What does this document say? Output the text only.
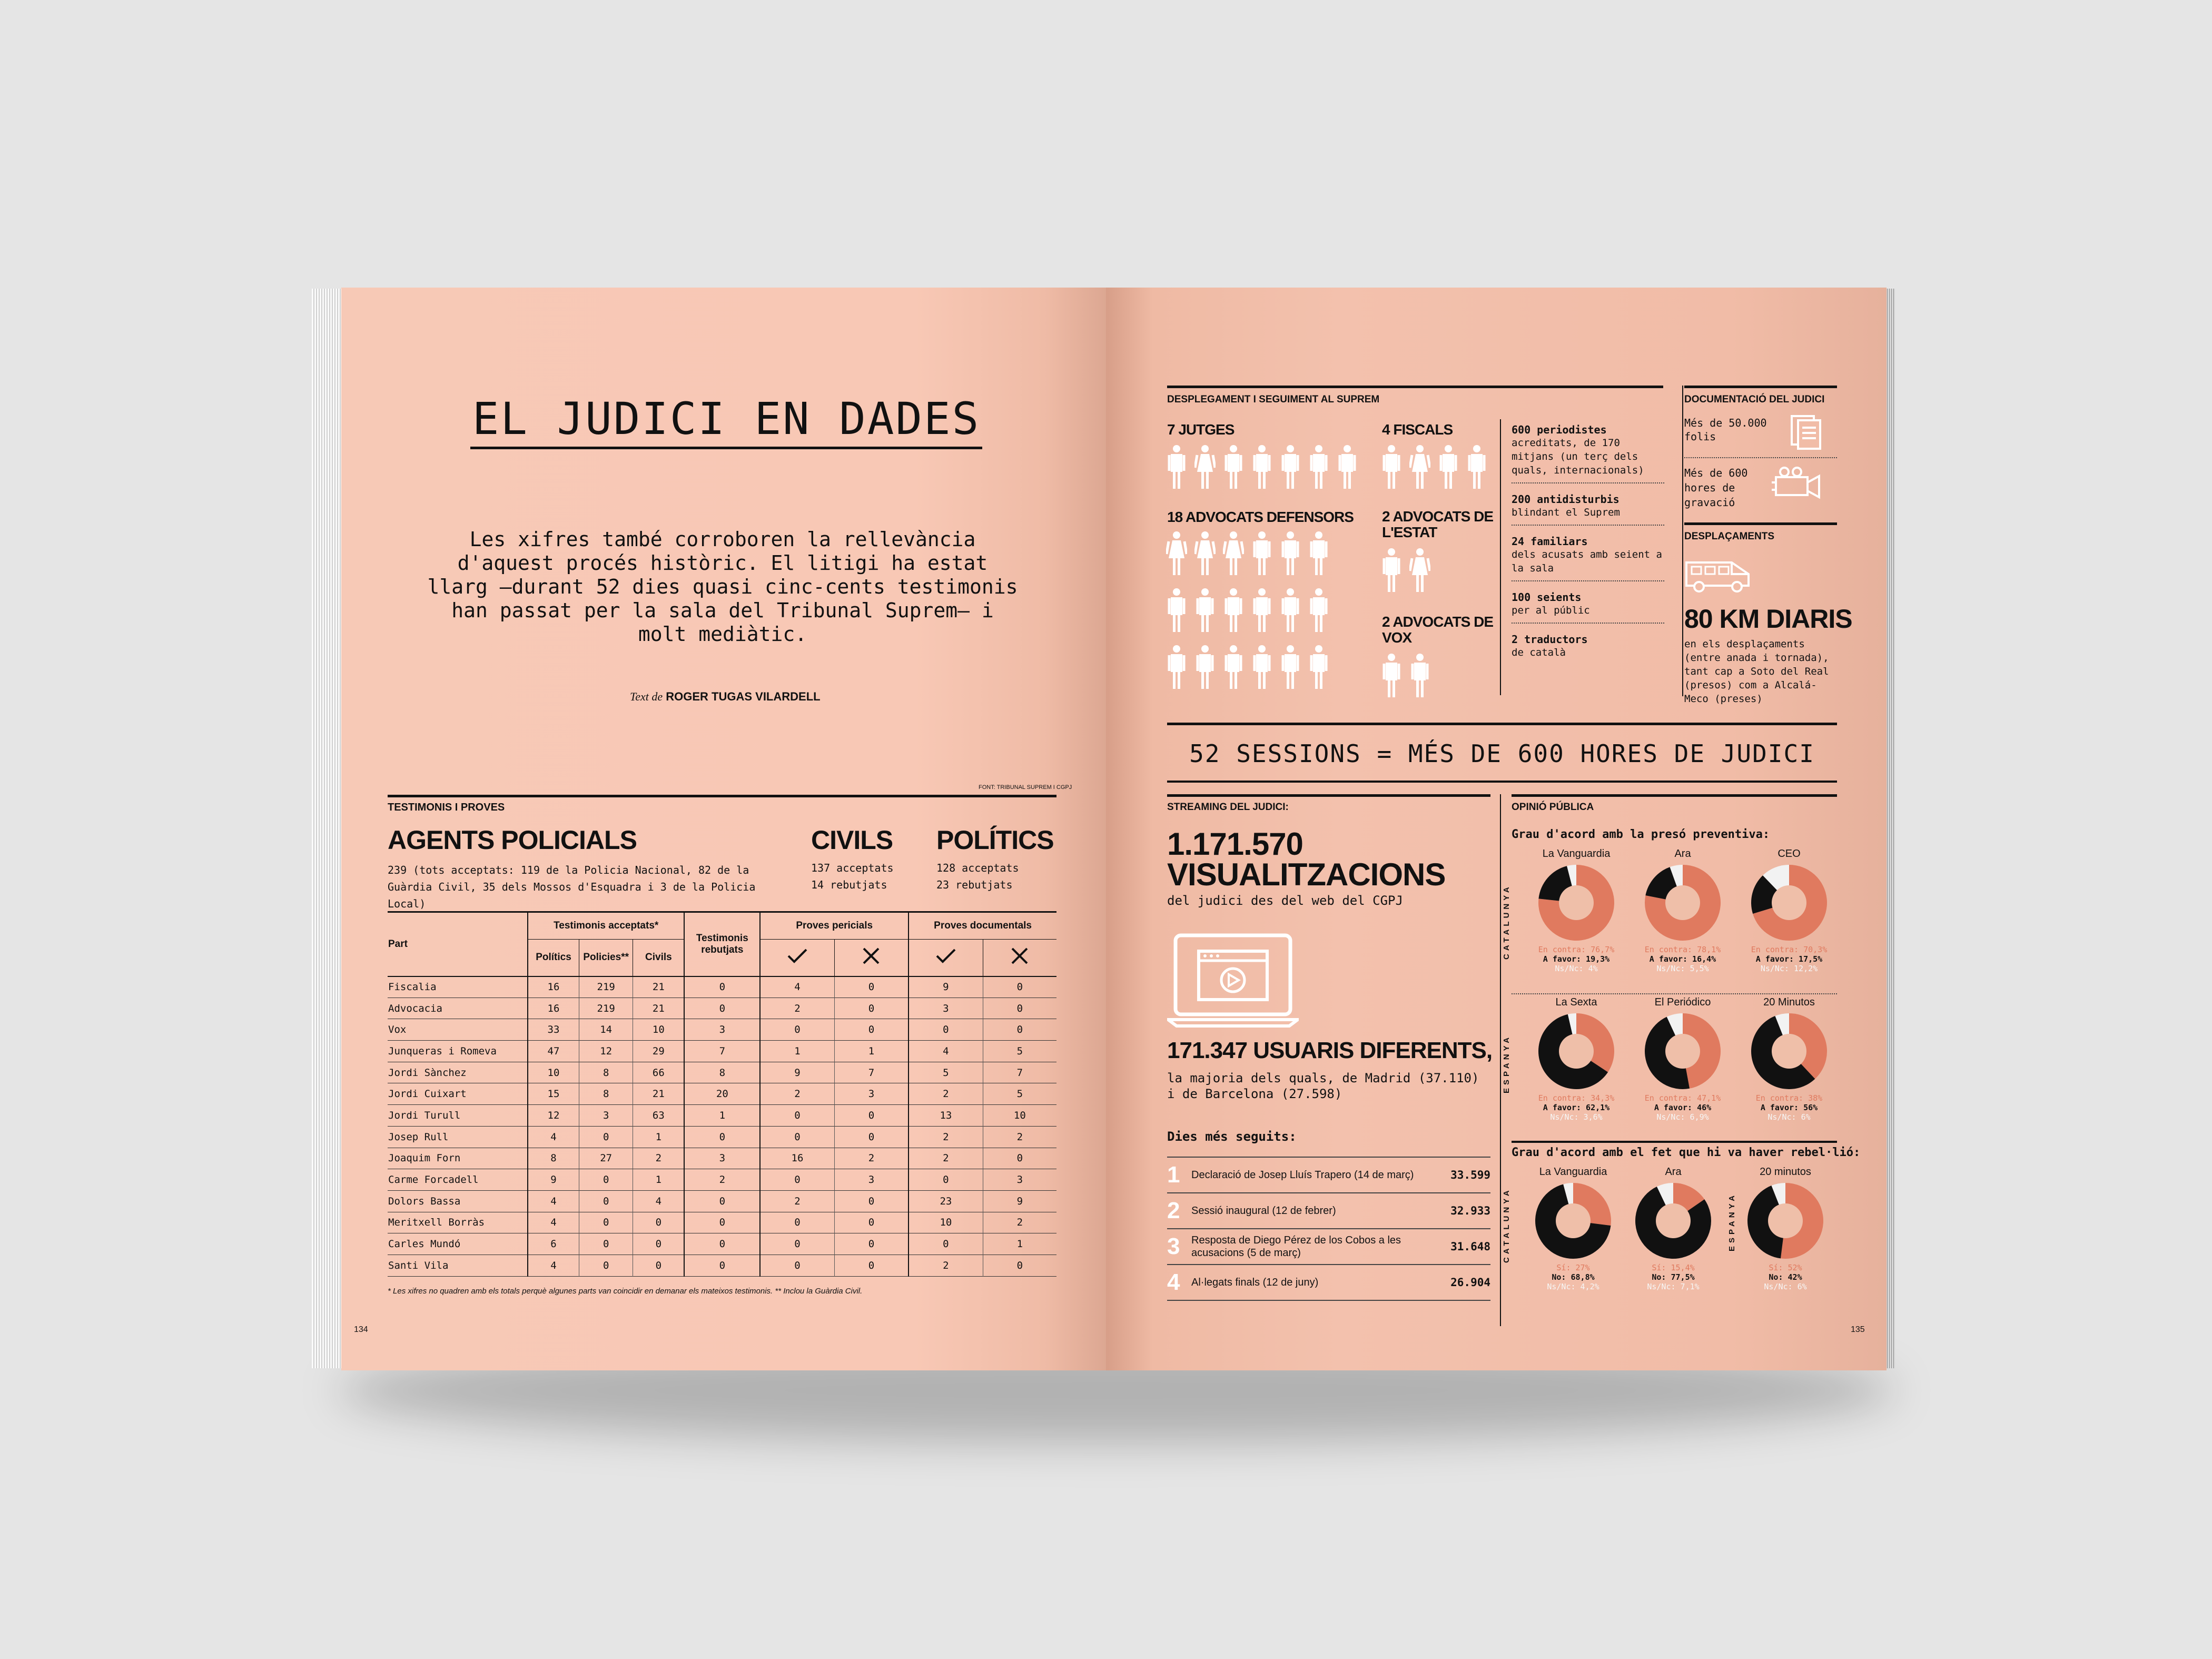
EL JUDICI EN DADES
Les xifres també corroboren la rellevància d'aquest procés històric. El litigi ha estat llarg —durant 52 dies quasi cinc-cents testimonis han passat per la sala del Tribunal Suprem— i molt mediàtic.
Text de ROGER TUGAS VILARDELL
FONT: TRIBUNAL SUPREM I CGPJ
TESTIMONIS I PROVES
AGENTS POLICIALS
239 (tots acceptats: 119 de la Policia Nacional, 82 de la Guàrdia Civil, 35 dels Mossos d'Esquadra i 3 de la Policia Local)
CIVILS
137 acceptats
14 rebutjats
POLÍTICS
128 acceptats
23 rebutjats
Part	Testimonis acceptats*			Testimonis rebutjats	Proves pericials		Proves documentals	
	Polítics	Policies**	Civils				
Fiscalia	16	219	21	0	4	0	9	0
Advocacia	16	219	21	0	2	0	3	0
Vox	33	14	10	3	0	0	0	0
Junqueras i Romeva	47	12	29	7	1	1	4	5
Jordi Sànchez	10	8	66	8	9	7	5	7
Jordi Cuixart	15	8	21	20	2	3	2	5
Jordi Turull	12	3	63	1	0	0	13	10
Josep Rull	4	0	1	0	0	0	2	2
Joaquim Forn	8	27	2	3	16	2	2	0
Carme Forcadell	9	0	1	2	0	3	0	3
Dolors Bassa	4	0	4	0	2	0	23	9
Meritxell Borràs	4	0	0	0	0	0	10	2
Carles Mundó	6	0	0	0	0	0	0	1
Santi Vila	4	0	0	0	0	0	2	0
* Les xifres no quadren amb els totals perquè algunes parts van coincidir en demanar els mateixos testimonis. ** Inclou la Guàrdia Civil.
134
DESPLEGAMENT I SEGUIMENT AL SUPREM
7 JUTGES	4 FISCALS
18 ADVOCATS DEFENSORS 2 ADVOCATS DE L'ESTAT
2 ADVOCATS DE VOX
600 periodistes
acreditats, de 170 mitjans (un terç dels quals, internacionals)
200 antidisturbis
blindant el Suprem
24 familiars
dels acusats amb seient a la sala
100 seients
per al públic
2 traductors
de català
DOCUMENTACIÓ DEL JUDICI
Més de 50.000 folis
Més de 600 hores de gravació
DESPLAÇAMENTS
80 KM DIARIS
en els desplaçaments (entre anada i tornada), tant cap a Soto del Real (presos) com a Alcalá-Meco (preses)
52 SESSIONS = MÉS DE 600 HORES DE JUDICI
STREAMING DEL JUDICI:
1.171.570
VISUALITZACIONS
del judici des del web del CGPJ
171.347 USUARIS DIFERENTS,
la majoria dels quals, de Madrid (37.110) i de Barcelona (27.598)
Dies més seguits:
1	Declaració de Josep Lluís Trapero (14 de març)	33.599
2	Sessió inaugural (12 de febrer)	32.933
3	Resposta de Diego Pérez de los Cobos a les acusacions (5 de març)	31.648
4	Al·legats finals (12 de juny)	26.904
OPINIÓ PÚBLICA
Grau d'acord amb la presó preventiva:
CATALUNYA
La Vanguardia
En contra: 76,7%
A favor: 19,3%
Ns/Nc: 4%
Ara
En contra: 78,1%
A favor: 16,4%
Ns/Nc: 5,5%
CEO
En contra: 70,3%
A favor: 17,5%
Ns/Nc: 12,2%
ESPANYA
La Sexta
En contra: 34,3%
A favor: 62,1%
Ns/Nc: 3,6%
El Periódico
En contra: 47,1%
A favor: 46%
Ns/Nc: 6,9%
20 Minutos
En contra: 38%
A favor: 56%
Ns/Nc: 6%
Grau d'acord amb el fet que hi va haver rebel·lió:
CATALUNYA
La Vanguardia
Sí: 27%
No: 68,8%
Ns/Nc: 4,2%
Ara
Sí: 15,4%
No: 77,5%
Ns/Nc: 7,1%
ESPANYA
20 minutos
Sí: 52%
No: 42%
Ns/Nc: 6%
135
